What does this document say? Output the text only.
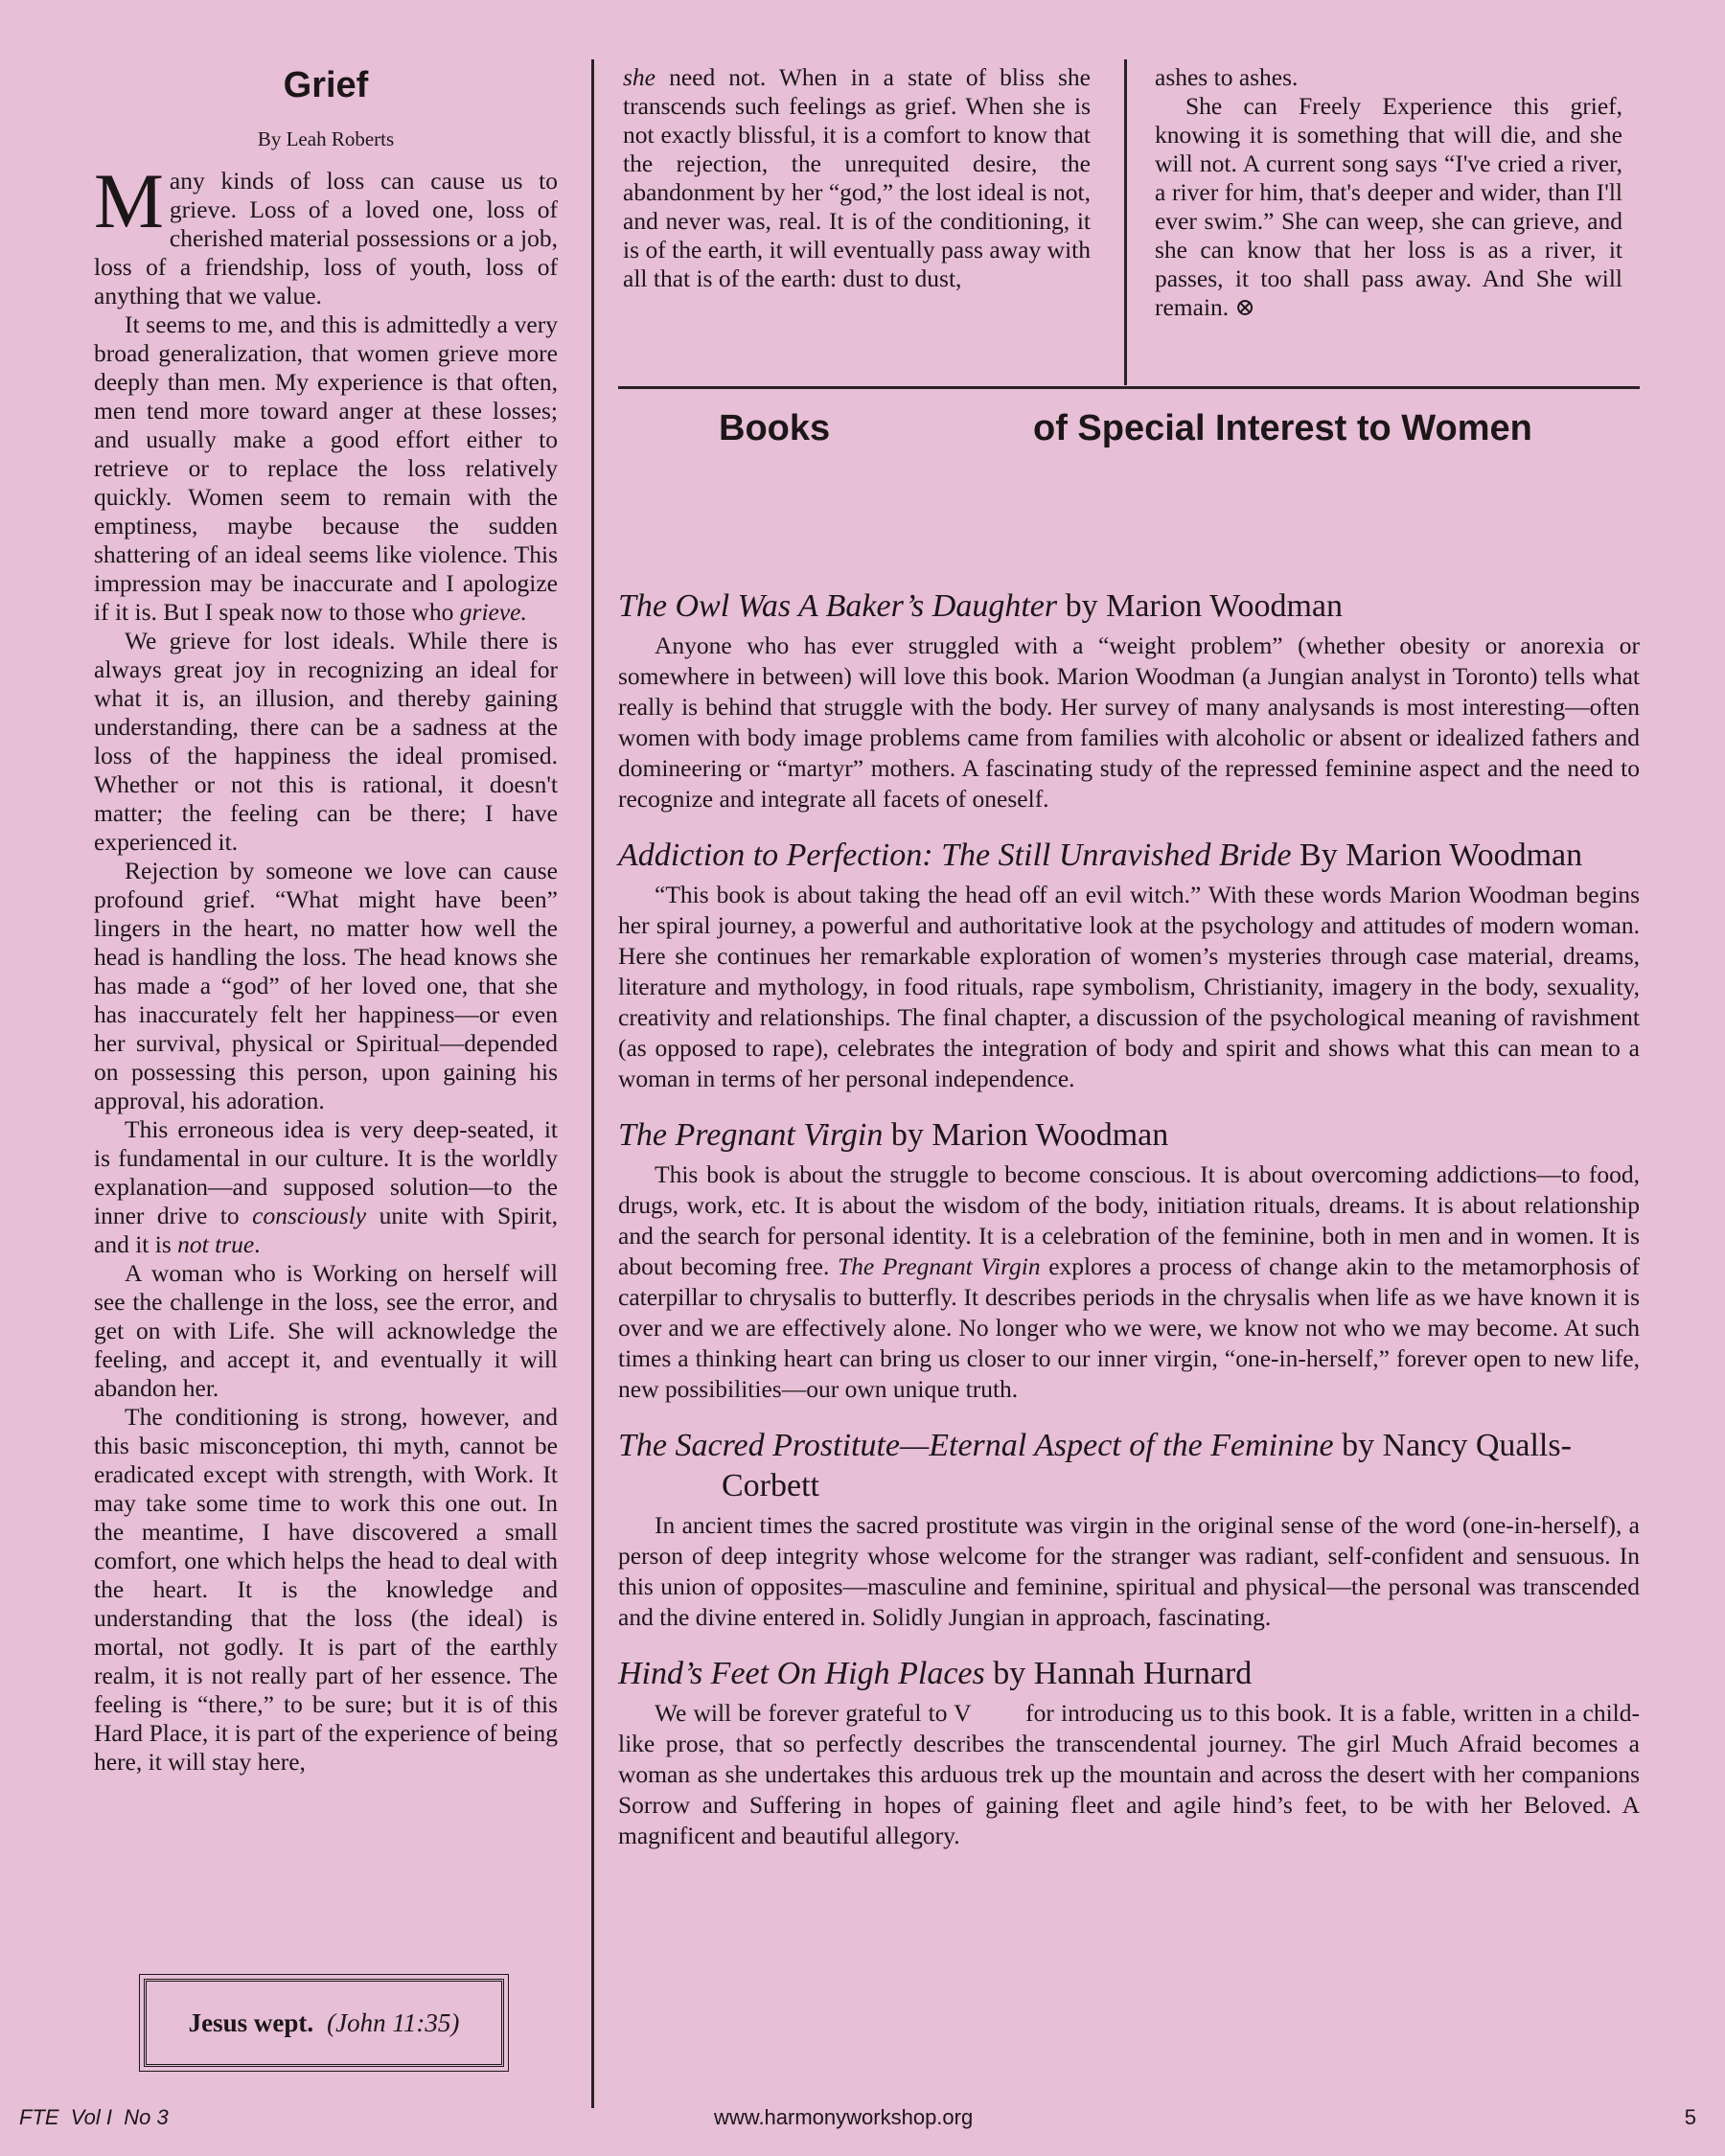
Grief
By Leah Roberts

Many kinds of loss can cause us to grieve. Loss of a loved one, loss of cherished material possessions or a job, loss of a friendship, loss of youth, loss of anything that we value.

It seems to me, and this is admittedly a very broad generalization, that women grieve more deeply than men. My experience is that often, men tend more toward anger at these losses; and usually make a good effort either to retrieve or to replace the loss relatively quickly. Women seem to remain with the emptiness, maybe because the sudden shattering of an ideal seems like violence. This impression may be inaccurate and I apologize if it is. But I speak now to those who grieve.

We grieve for lost ideals. While there is always great joy in recognizing an ideal for what it is, an illusion, and thereby gaining understanding, there can be a sadness at the loss of the happiness the ideal promised. Whether or not this is rational, it doesn't matter; the feeling can be there; I have experienced it.

Rejection by someone we love can cause profound grief. “What might have been” lingers in the heart, no matter how well the head is handling the loss. The head knows she has made a “god” of her loved one, that she has inaccurately felt her happiness—or even her survival, physical or Spiritual—depended on possessing this person, upon gaining his approval, his adoration.

This erroneous idea is very deep-seated, it is fundamental in our culture. It is the worldly explanation—and supposed solution—to the inner drive to consciously unite with Spirit, and it is not true.

A woman who is Working on herself will see the challenge in the loss, see the error, and get on with Life. She will acknowledge the feeling, and accept it, and eventually it will abandon her.

The conditioning is strong, however, and this basic misconception, thi myth, cannot be eradicated except with strength, with Work. It may take some time to work this one out. In the meantime, I have discovered a small comfort, one which helps the head to deal with the heart. It is the knowledge and understanding that the loss (the ideal) is mortal, not godly. It is part of the earthly realm, it is not really part of her essence. The feeling is “there,” to be sure; but it is of this Hard Place, it is part of the experience of being here, it will stay here,

Jesus wept. (John 11:35)

she need not. When in a state of bliss she transcends such feelings as grief. When she is not exactly blissful, it is a comfort to know that the rejection, the unrequited desire, the abandonment by her “god,” the lost ideal is not, and never was, real. It is of the conditioning, it is of the earth, it will eventually pass away with all that is of the earth: dust to dust,

ashes to ashes.

She can Freely Experience this grief, knowing it is something that will die, and she will not. A current song says “I've cried a river, a river for him, that's deeper and wider, than I'll ever swim.” She can weep, she can grieve, and she can know that her loss is as a river, it passes, it too shall pass away. And She will remain. ⊗

Books	of Special Interest to Women

The Owl Was A Baker’s Daughter by Marion Woodman

Anyone who has ever struggled with a “weight problem” (whether obesity or anorexia or somewhere in between) will love this book. Marion Woodman (a Jungian analyst in Toronto) tells what really is behind that struggle with the body. Her survey of many analysands is most interesting—often women with body image problems came from families with alcoholic or absent or idealized fathers and domineering or “martyr” mothers. A fascinating study of the repressed feminine aspect and the need to recognize and integrate all facets of oneself.

Addiction to Perfection: The Still Unravished Bride By Marion Woodman

“This book is about taking the head off an evil witch.” With these words Marion Woodman begins her spiral journey, a powerful and authoritative look at the psychology and attitudes of modern woman. Here she continues her remarkable exploration of women’s mysteries through case material, dreams, literature and mythology, in food rituals, rape symbolism, Christianity, imagery in the body, sexuality, creativity and relationships. The final chapter, a discussion of the psychological meaning of ravishment (as opposed to rape), celebrates the integration of body and spirit and shows what this can mean to a woman in terms of her personal independence.

The Pregnant Virgin by Marion Woodman

This book is about the struggle to become conscious. It is about overcoming addictions—to food, drugs, work, etc. It is about the wisdom of the body, initiation rituals, dreams. It is about relationship and the search for personal identity. It is a celebration of the feminine, both in men and in women. It is about becoming free. The Pregnant Virgin explores a process of change akin to the metamorphosis of caterpillar to chrysalis to butterfly. It describes periods in the chrysalis when life as we have known it is over and we are effectively alone. No longer who we were, we know not who we may become. At such times a thinking heart can bring us closer to our inner virgin, “one-in-herself,” forever open to new life, new possibilities—our own unique truth.

The Sacred Prostitute—Eternal Aspect of the Feminine by Nancy Qualls-Corbett

In ancient times the sacred prostitute was virgin in the original sense of the word (one-in-herself), a person of deep integrity whose welcome for the stranger was radiant, self-confident and sensuous. In this union of opposites—masculine and feminine, spiritual and physical—the personal was transcended and the divine entered in. Solidly Jungian in approach, fascinating.

Hind’s Feet On High Places by Hannah Hurnard

We will be forever grateful to V        for introducing us to this book. It is a fable, written in a child-like prose, that so perfectly describes the transcendental journey. The girl Much Afraid becomes a woman as she undertakes this arduous trek up the mountain and across the desert with her companions Sorrow and Suffering in hopes of gaining fleet and agile hind’s feet, to be with her Beloved. A magnificent and beautiful allegory.

FTE  Vol I  No 3	www.harmonyworkshop.org	5
